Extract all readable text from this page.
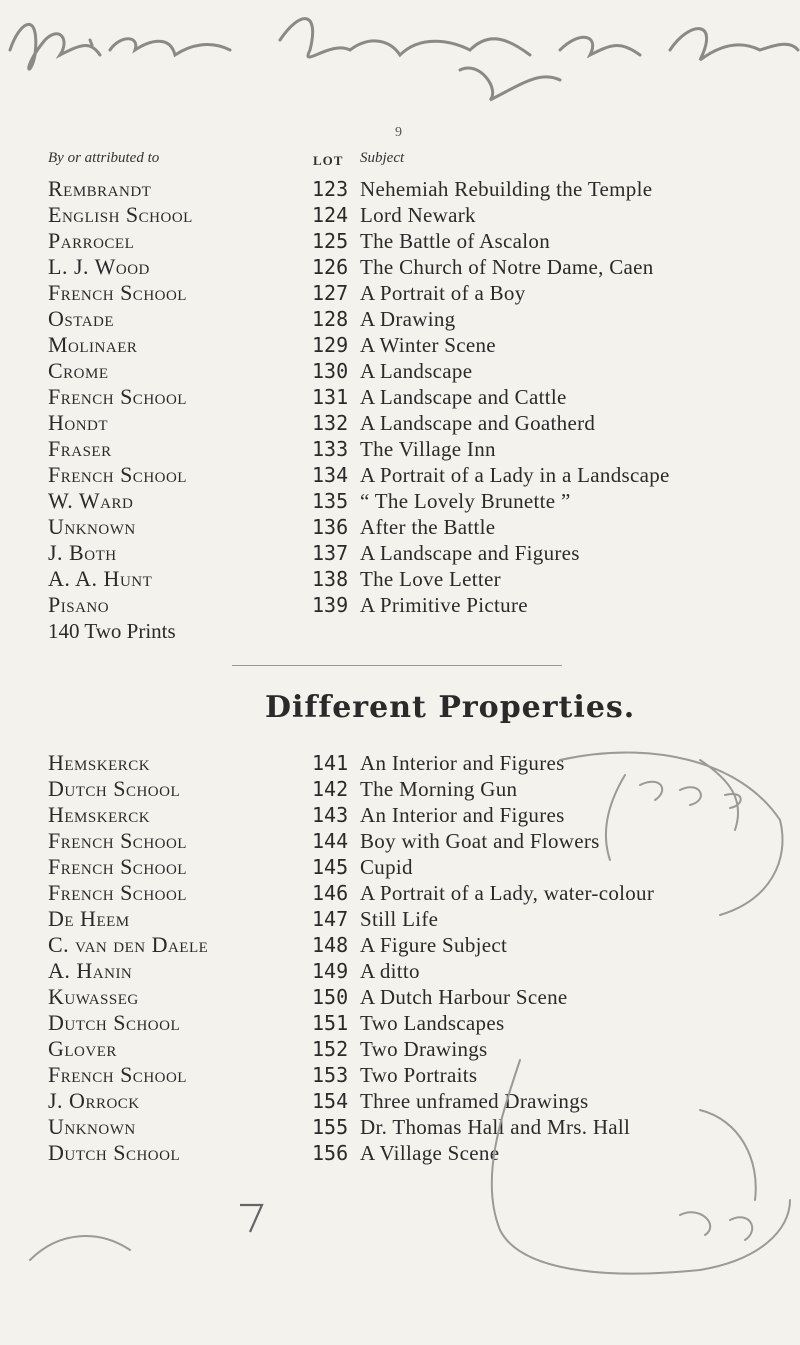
9
By or attributed to	LOT Subject
Rembrandt	123 Nehemiah Rebuilding the Temple
English School	124 Lord Newark
Parrocel	125 The Battle of Ascalon
L. J. Wood	126 The Church of Notre Dame, Caen
French School	127 A Portrait of a Boy
Ostade	128 A Drawing
Molinaer	129 A Winter Scene
Crome	130 A Landscape
French School	131 A Landscape and Cattle
Hondt	132 A Landscape and Goatherd
Fraser	133 The Village Inn
French School	134 A Portrait of a Lady in a Landscape
W. Ward	135 “ The Lovely Brunette ”
Unknown	136 After the Battle
J. Both	137 A Landscape and Figures
A. A. Hunt	138 The Love Letter
Pisano	139 A Primitive Picture
140 Two Prints
Different Properties.
Hemskerck	141 An Interior and Figures
Dutch School	142 The Morning Gun
Hemskerck	143 An Interior and Figures
French School	144 Boy with Goat and Flowers
French School	145 Cupid
French School	146 A Portrait of a Lady, water-colour
De Heem	147 Still Life
C. van den Daele	148 A Figure Subject
A. Hanin	149 A ditto
Kuwasseg	150 A Dutch Harbour Scene
Dutch School	151 Two Landscapes
Glover	152 Two Drawings
French School	153 Two Portraits
J. Orrock	154 Three unframed Drawings
Unknown	155 Dr. Thomas Hall and Mrs. Hall
Dutch School	156 A Village Scene
